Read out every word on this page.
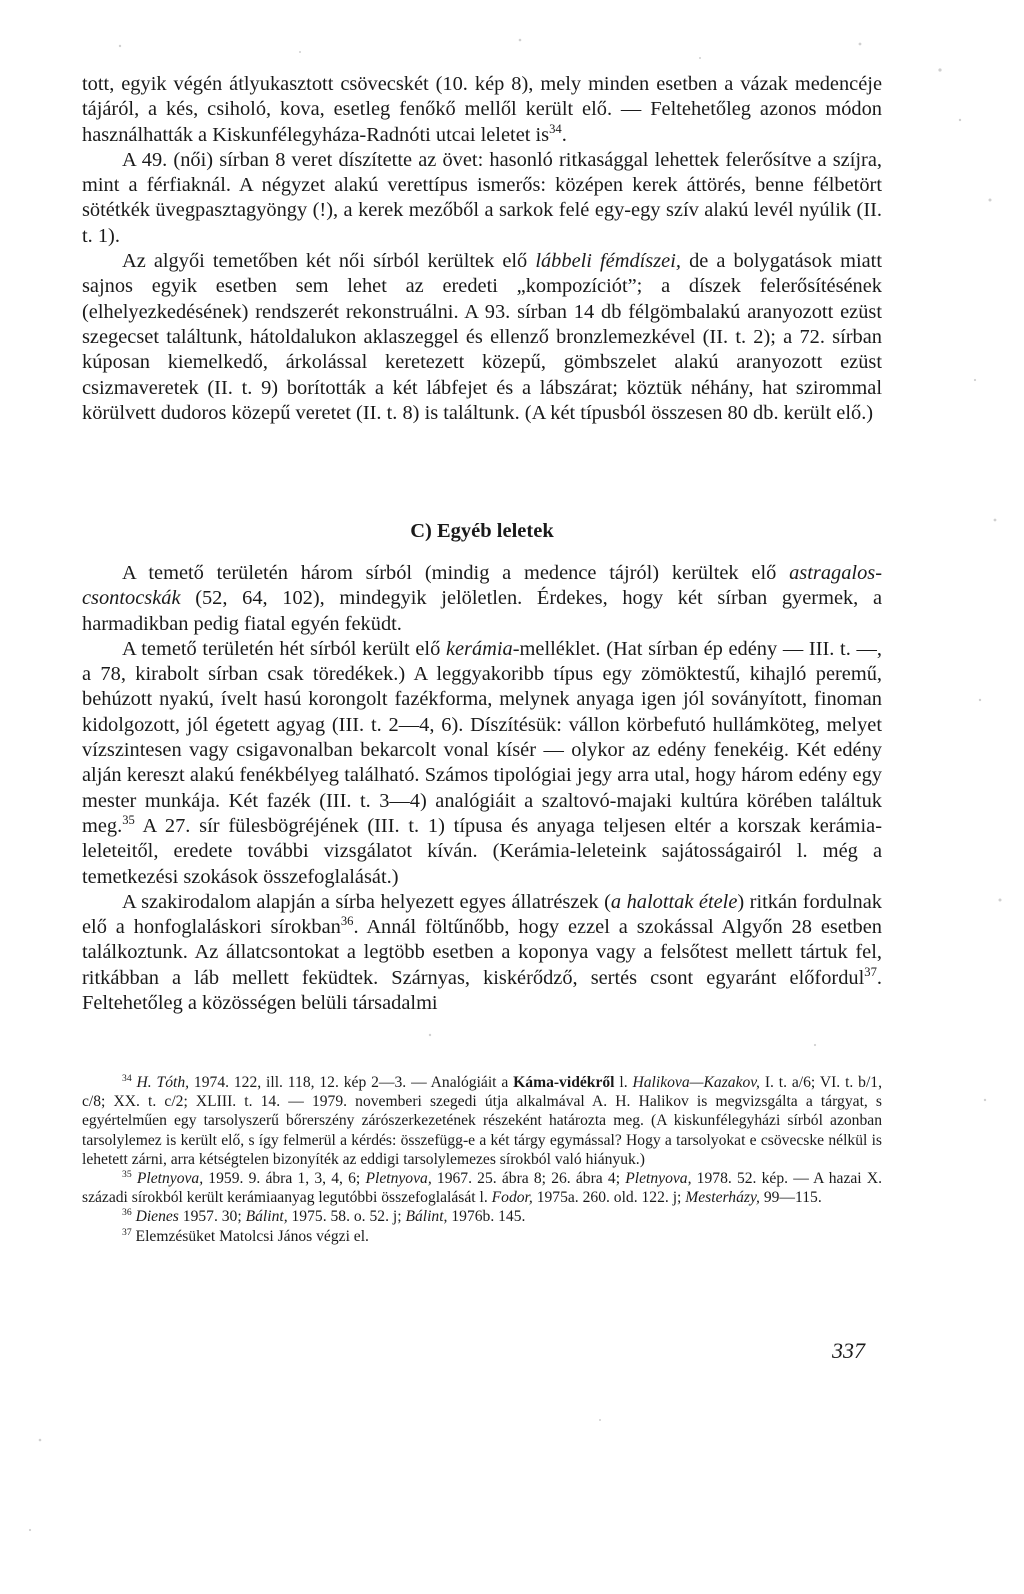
tott, egyik végén átlyukasztott csövecskét (10. kép 8), mely minden esetben a vázak medencéje tájáról, a kés, csiholó, kova, esetleg fenőkő mellől került elő. — Feltehetőleg azonos módon használhatták a Kiskunfélegyháza-Radnóti utcai leletet $is^{34}$.

A 49. (női) sírban 8 veret díszítette az övet: hasonló ritkasággal lehettek felerősítve a szíjra, mint a férfiaknál. A négyzet alakú verettípus ismerős: középen kerek áttörés, benne félbetört sötétkék üvegpasztagyöngy (!), a kerek mezőből a sarkok felé egy-egy szív alakú levél nyúlik (II. t. 1).

Az algyői temetőben két női sírból kerültek elő lábbeli fémdíszei, de a bolygatások miatt sajnos egyik esetben sem lehet az eredeti „kompozíciót”; a díszek felerősítésének (elhelyezkedésének) rendszerét rekonstruálni. A 93. sírban 14 db félgömbalakú aranyozott ezüst szegecset találtunk, hátoldalukon aklaszeggel és ellenző bronzlemezkével (II. t. 2); a 72. sírban kúposan kiemelkedő, árkolással keretezett közepű, gömbszelet alakú aranyozott ezüst csizmaveretek (II. t. 9) borították a két lábfejet és a lábszárat; köztük néhány, hat szirommal körülvett dudoros közepű veretet (II. t. 8) is találtunk. (A két típusból összesen 80 db. került elő.)

C) Egyéb leletek

A temető területén három sírból (mindig a medence tájról) kerültek elő astragalos-csontocskák (52, 64, 102), mindegyik jelöletlen. Érdekes, hogy két sírban gyermek, a harmadikban pedig fiatal egyén feküdt.

A temető területén hét sírból került elő kerámia-melléklet. (Hat sírban ép edény — III. t. —, a 78, kirabolt sírban csak töredékek.) A leggyakoribb típus egy zömöktestű, kihajló peremű, behúzott nyakú, ívelt hasú korongolt fazékforma, melynek anyaga igen jól soványított, finoman kidolgozott, jól égetett agyag (III. t. 2—4, 6). Díszítésük: vállon körbefutó hullámköteg, melyet vízszintesen vagy csigavonalban bekarcolt vonal kísér — olykor az edény fenekéig. Két edény alján kereszt alakú fenékbélyeg található. Számos tipológiai jegy arra utal, hogy három edény egy mester munkája. Két fazék (III. t. 3—4) analógiáit a szaltovó-majaki kultúra körében találtuk meg.$^{35}$ A 27. sír fülesbögréjének (III. t. 1) típusa és anyaga teljesen eltér a korszak kerámia-leleteitől, eredete további vizsgálatot kíván. (Kerámia-leleteink sajátosságairól l. még a temetkezési szokások összefoglalását.)

A szakirodalom alapján a sírba helyezett egyes állatrészek (a halottak étele) ritkán fordulnak elő a honfoglaláskori sírokban$^{36}$. Annál föltűnőbb, hogy ezzel a szokással Algyőn 28 esetben találkoztunk. Az állatcsontokat a legtöbb esetben a koponya vagy a felsőtest mellett tártuk fel, ritkábban a láb mellett feküdtek. Szárnyas, kiskérődző, sertés csont egyaránt előfordul$^{37}$. Feltehetőleg a közösségen belüli társadalmi

$^{34}$ H. Tóth, 1974. 122, ill. 118, 12. kép 2—3. — Analógiáit a Káma-vidékről l. Halikova—Kazakov, I. t. a/6; VI. t. b/1, c/8; XX. t. c/2; XLIII. t. 14. — 1979. novemberi szegedi útja alkalmával A. H. Halikov is megvizsgálta a tárgyat, s egyértelműen egy tarsolyszerű bőrerszény zárószerkezetének részeként határozta meg. (A kiskunfélegyházi sírból azonban tarsolylemez is került elő, s így felmerül a kérdés: összefügg-e a két tárgy egymással? Hogy a tarsolyokat e csövecske nélkül is lehetett zárni, arra kétségtelen bizonyíték az eddigi tarsolylemezes sírokból való hiányuk.)

$^{35}$ Pletnyova, 1959. 9. ábra 1, 3, 4, 6; Pletnyova, 1967. 25. ábra 8; 26. ábra 4; Pletnyova, 1978. 52. kép. — A hazai X. századi sírokból került kerámiaanyag legutóbbi összefoglalását l. Fodor, 1975a. 260. old. 122. j; Mesterházy, 99—115.

$^{36}$ Dienes 1957. 30; Bálint, 1975. 58. o. 52. j; Bálint, 1976b. 145.

$^{37}$ Elemzésüket Matolcsi János végzi el.

337
